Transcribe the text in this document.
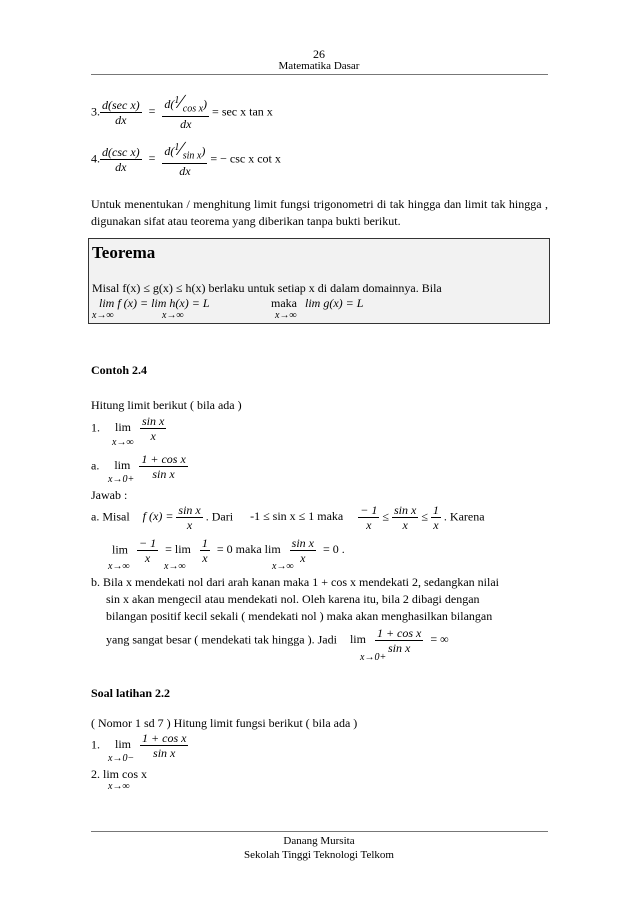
26
Matematika Dasar
3. $\frac{\text{d(sec x)}}{dx} = \frac{d(^1∕_{cos x})}{dx} = \sec x$ tan x
4. $\frac{\text{d(csc x)}}{dx} = \frac{d(^1∕_{sin x})}{dx}$ = − csc x cot x
Untuk menentukan / menghitung limit fungsi trigonometri di tak hingga dan limit tak hingga , digunakan sifat atau teorema yang diberikan tanpa bukti berikut.
Teorema
Misal f(x) ≤ g(x) ≤ h(x) berlaku untuk setiap x di dalam domainnya. Bila
lim f (x) = lim h(x) = L	maka lim g(x) = L
x→∞	x→∞	x→∞
Contoh 2.4
Hitung limit berikut ( bila ada )
1. $\lim \frac{\text{sin x}}{x}$
x→∞
a. $\lim \frac{\text{1 + cos x}}{\text{sin x}}$
x→0+
Jawab :
a. Misal f $(x) = \frac{\text{sin x}}{x}$ . Dari -1 ≤ sin x ≤ 1 maka $\frac{- 1}{x} \le \frac{\text{sin x}}{x} \le \frac{1}{x}$ . Karena
$\lim \frac{- 1}{x} = \lim \frac{1}{x} = 0$ maka $\lim \frac{\text{sin x}}{x} = 0$ .
x→∞	x→∞	x→∞
b. Bila x mendekati nol dari arah kanan maka 1 + cos x mendekati 2, sedangkan nilai
sin x akan mengecil atau mendekati nol. Oleh karena itu, bila 2 dibagi dengan
bilangan positif kecil sekali ( mendekati nol ) maka akan menghasilkan bilangan
yang sangat besar ( mendekati tak hingga ). Jadi $\lim \frac{\text{1 + cos x}}{\text{sin x}}$ = ∞
x→0+
Soal latihan 2.2
( Nomor 1 sd 7 ) Hitung limit fungsi berikut ( bila ada )
1. $\lim \frac{\text{1 + cos x}}{\text{sin x}}$
x→0−
2. lim cos x
x→∞
Danang Mursita
Sekolah Tinggi Teknologi Telkom
